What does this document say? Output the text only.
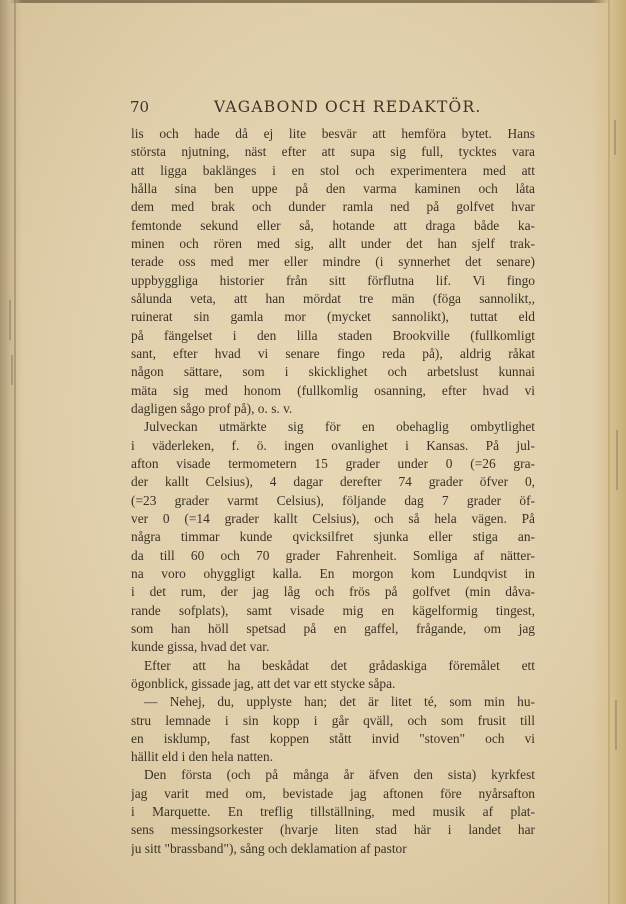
70	VAGABOND OCH REDAKTÖR.
lis och hade då ej lite besvär att hemföra bytet. Hans
största njutning, näst efter att supa sig full, tycktes vara
att ligga baklänges i en stol och experimentera med att
hålla sina ben uppe på den varma kaminen och låta
dem med brak och dunder ramla ned på golfvet hvar
femtonde sekund eller så, hotande att draga både ka-
minen och rören med sig, allt under det han sjelf trak-
terade oss med mer eller mindre (i synnerhet det senare)
uppbyggliga historier från sitt förflutna lif. Vi fingo
sålunda veta, att han mördat tre män (föga sannolikt,,
ruinerat sin gamla mor (mycket sannolikt), tuttat eld
på fängelset i den lilla staden Brookville (fullkomligt
sant, efter hvad vi senare fingo reda på), aldrig råkat
någon sättare, som i skicklighet och arbetslust kunnai
mäta sig med honom (fullkomlig osanning, efter hvad vi
dagligen sågo prof på), o. s. v.
Julveckan utmärkte sig för en obehaglig ombytlighet
i väderleken, f. ö. ingen ovanlighet i Kansas. På jul-
afton visade termometern 15 grader under 0 (=26 gra-
der kallt Celsius), 4 dagar derefter 74 grader öfver 0,
(=23 grader varmt Celsius), följande dag 7 grader öf-
ver 0 (=14 grader kallt Celsius), och så hela vägen. På
några timmar kunde qvicksilfret sjunka eller stiga an-
da till 60 och 70 grader Fahrenheit. Somliga af nätter-
na voro ohyggligt kalla. En morgon kom Lundqvist in
i det rum, der jag låg och frös på golfvet (min dåva-
rande sofplats), samt visade mig en kägelformig tingest,
som han höll spetsad på en gaffel, frågande, om jag
kunde gissa, hvad det var.
Efter att ha beskådat det grådaskiga föremålet ett
ögonblick, gissade jag, att det var ett stycke såpa.
— Nehej, du, upplyste han; det är litet té, som min hu-
stru lemnade i sin kopp i går qväll, och som frusit till
en isklump, fast koppen stått invid "stoven" och vi
hällit eld i den hela natten.
Den första (och på många år äfven den sista) kyrkfest
jag varit med om, bevistade jag aftonen före nyårsafton
i Marquette. En treflig tillställning, med musik af plat-
sens messingsorkester (hvarje liten stad här i landet har
ju sitt "brassband"), sång och deklamation af pastor
